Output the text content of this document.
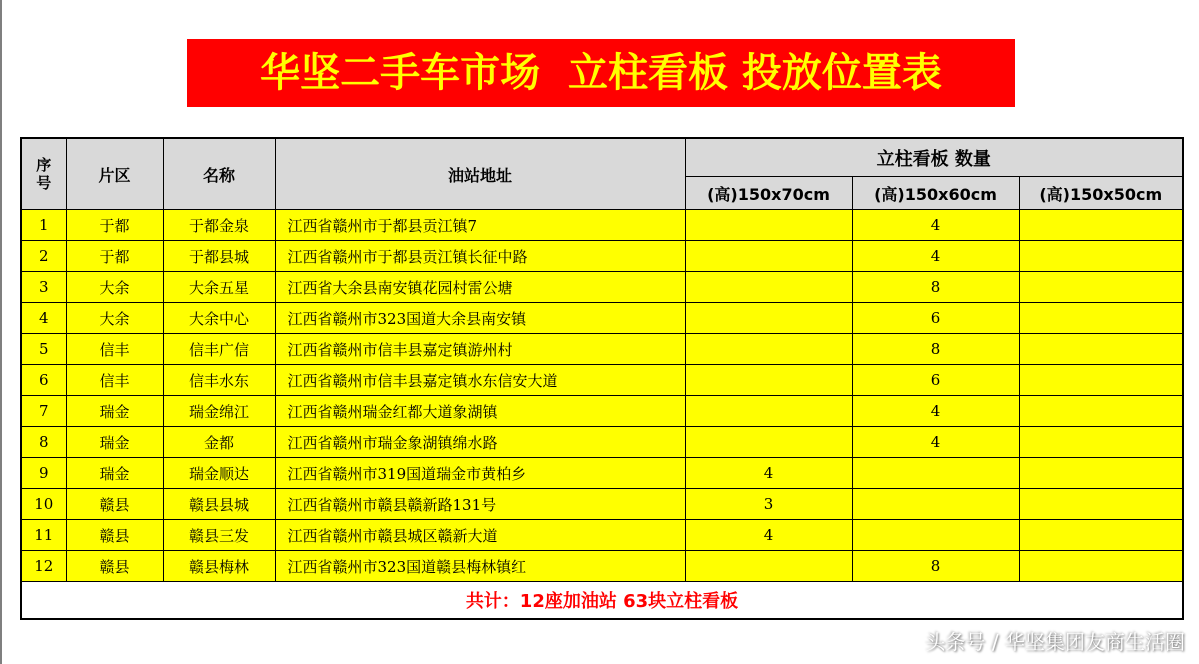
华坚二手车市场  立柱看板 投放位置表
序
号	片区	名称	油站地址	立柱看板 数量		
				(高)150x70cm	(高)150x60cm	(高)150x50cm
1	于都	于都金泉	江西省赣州市于都县贡江镇7		4	
2	于都	于都县城	江西省赣州市于都县贡江镇长征中路		4	
3	大余	大余五星	江西省大余县南安镇花园村雷公塘		8	
4	大余	大余中心	江西省赣州市323国道大余县南安镇		6	
5	信丰	信丰广信	江西省赣州市信丰县嘉定镇游州村		8	
6	信丰	信丰水东	江西省赣州市信丰县嘉定镇水东信安大道		6	
7	瑞金	瑞金绵江	江西省赣州瑞金红都大道象湖镇		4	
8	瑞金	金都	江西省赣州市瑞金象湖镇绵水路		4	
9	瑞金	瑞金顺达	江西省赣州市319国道瑞金市黄柏乡	4		
10	赣县	赣县县城	江西省赣州市赣县赣新路131号	3		
11	赣县	赣县三发	江西省赣州市赣县城区赣新大道	4		
12	赣县	赣县梅林	江西省赣州市323国道赣县梅林镇红		8	
共计：12座加油站 63块立柱看板						
头条号 / 华坚集团友商生活圈
